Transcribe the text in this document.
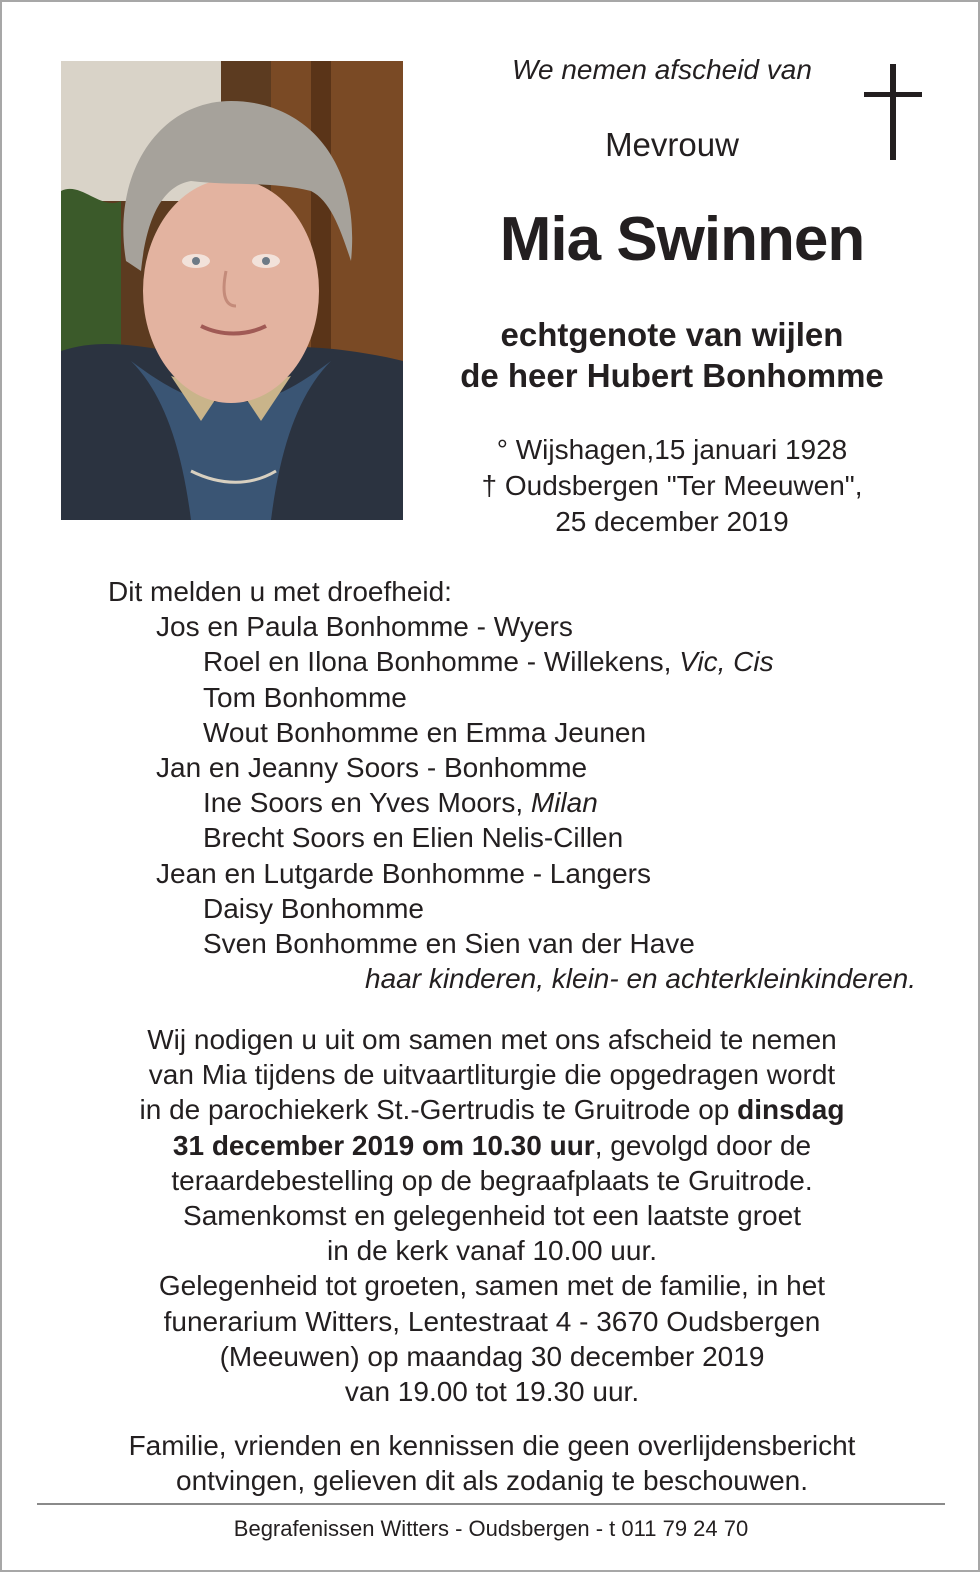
We nemen afscheid van
Mevrouw
Mia Swinnen
echtgenote van wijlen
de heer Hubert Bonhomme
° Wijshagen,15 januari 1928
† Oudsbergen "Ter Meeuwen",
25 december 2019
Dit melden u met droefheid:
Jos en Paula Bonhomme - Wyers
Roel en Ilona Bonhomme - Willekens, Vic, Cis
Tom Bonhomme
Wout Bonhomme en Emma Jeunen
Jan en Jeanny Soors - Bonhomme
Ine Soors en Yves Moors, Milan
Brecht Soors en Elien Nelis-Cillen
Jean en Lutgarde Bonhomme - Langers
Daisy Bonhomme
Sven Bonhomme en Sien van der Have
haar kinderen, klein- en achterkleinkinderen.
Wij nodigen u uit om samen met ons afscheid te nemen
van Mia tijdens de uitvaartliturgie die opgedragen wordt
in de parochiekerk St.-Gertrudis te Gruitrode op dinsdag
31 december 2019 om 10.30 uur, gevolgd door de
teraardebestelling op de begraafplaats te Gruitrode.
Samenkomst en gelegenheid tot een laatste groet
in de kerk vanaf 10.00 uur.
Gelegenheid tot groeten, samen met de familie, in het
funerarium Witters, Lentestraat 4 - 3670 Oudsbergen
(Meeuwen) op maandag 30 december 2019
van 19.00 tot 19.30 uur.
Familie, vrienden en kennissen die geen overlijdensbericht
ontvingen, gelieven dit als zodanig te beschouwen.
Begrafenissen Witters - Oudsbergen - t 011 79 24 70
